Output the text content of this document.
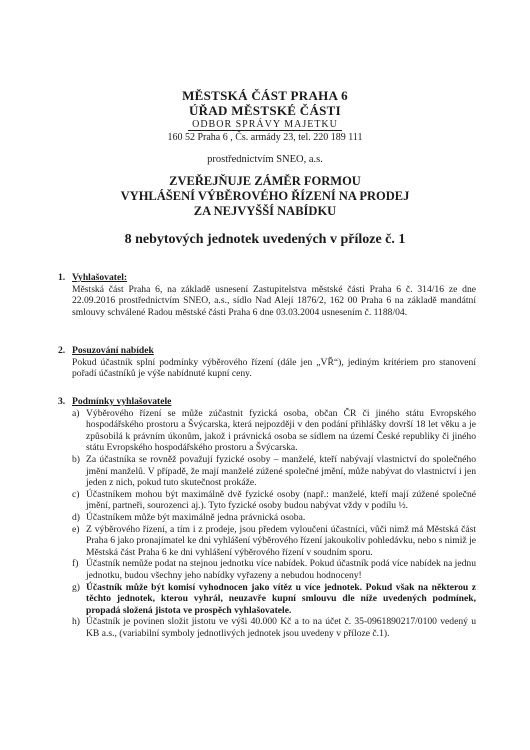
MĚSTSKÁ ČÁST PRAHA 6
ÚŘAD MĚSTSKÉ ČÁSTI
ODBOR SPRÁVY MAJETKU
160 52 Praha 6 , Čs. armády 23, tel. 220 189 111
prostřednictvím SNEO, a.s.
ZVEŘEJŇUJE ZÁMĚR FORMOU
VYHLÁŠENÍ VÝBĚROVÉHO ŘÍZENÍ NA PRODEJ
ZA NEJVYŠŠÍ NABÍDKU
8 nebytových jednotek uvedených v příloze č. 1
1. Vyhlašovatel:
Městská část Praha 6, na základě usnesení Zastupitelstva městské části Praha 6 č. 314/16 ze dne 22.09.2016 prostřednictvím SNEO, a.s., sídlo Nad Alejí 1876/2, 162 00 Praha 6 na základě mandátní smlouvy schválené Radou městské části Praha 6 dne 03.03.2004 usnesením č. 1188/04.
2. Posuzování nabídek
Pokud účastník splní podmínky výběrového řízení (dále jen „VŘ“), jediným kritériem pro stanovení pořadí účastníků je výše nabídnuté kupní ceny.
3. Podmínky vyhlašovatele
a) Výběrového řízení se může zúčastnit fyzická osoba, občan ČR či jiného státu Evropského hospodářského prostoru a Švýcarska, která nejpozději v den podání přihlášky dovrší 18 let věku a je způsobilá k právním úkonům, jakož i právnická osoba se sídlem na území České republiky či jiného státu Evropského hospodářského prostoru a Švýcarska.
b) Za účastníka se rovněž považují fyzické osoby – manželé, kteří nabývají vlastnictví do společného jmění manželů. V případě, že mají manželé zúžené společné jmění, může nabývat do vlastnictví i jen jeden z nich, pokud tuto skutečnost prokáže.
c) Účastníkem mohou být maximálně dvě fyzické osoby (např.: manželé, kteří mají zúžené společné jmění, partneři, sourozenci aj.). Tyto fyzické osoby budou nabývat vždy v podílu ½.
d) Účastníkem může být maximálně jedna právnická osoba.
e) Z výběrového řízení, a tím i z prodeje, jsou předem vyloučeni účastníci, vůči nimž má Městská část Praha 6 jako pronajímatel ke dni vyhlášení výběrového řízení jakoukoliv pohledávku, nebo s nimiž je Městská část Praha 6 ke dni vyhlášení výběrového řízení v soudním sporu.
f) Účastník nemůže podat na stejnou jednotku více nabídek. Pokud účastník podá více nabídek na jednu jednotku, budou všechny jeho nabídky vyřazeny a nebudou hodnoceny!
g) Účastník může být komisí vyhodnocen jako vítěz u více jednotek. Pokud však na některou z těchto jednotek, kterou vyhrál, neuzavře kupní smlouvu dle níže uvedených podmínek, propadá složená jistota ve prospěch vyhlašovatele.
h) Účastník je povinen složit jistotu ve výši 40.000 Kč a to na účet č. 35-0961890217/0100 vedený u KB a.s., (variabilní symboly jednotlivých jednotek jsou uvedeny v příloze č.1).
